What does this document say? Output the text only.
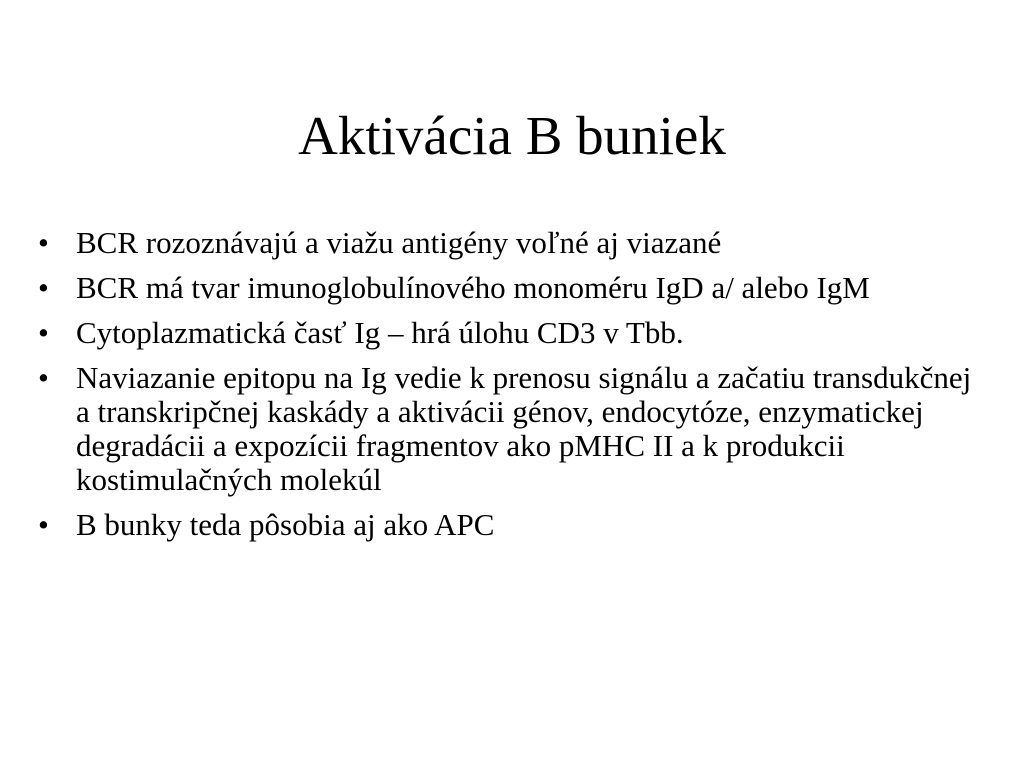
Aktivácia B buniek
• BCR rozoznávajú a viažu antigény voľné aj viazané
• BCR má tvar imunoglobulínového monoméru IgD a/ alebo IgM
• Cytoplazmatická časť Ig – hrá úlohu CD3 v Tbb.
• Naviazanie epitopu na Ig vedie k prenosu signálu a začatiu transdukčnej a transkripčnej kaskády a aktivácii génov, endocytóze, enzymatickej degradácii a expozícii fragmentov ako pMHC II a k produkcii kostimulačných molekúl
• B bunky teda pôsobia aj ako APC
